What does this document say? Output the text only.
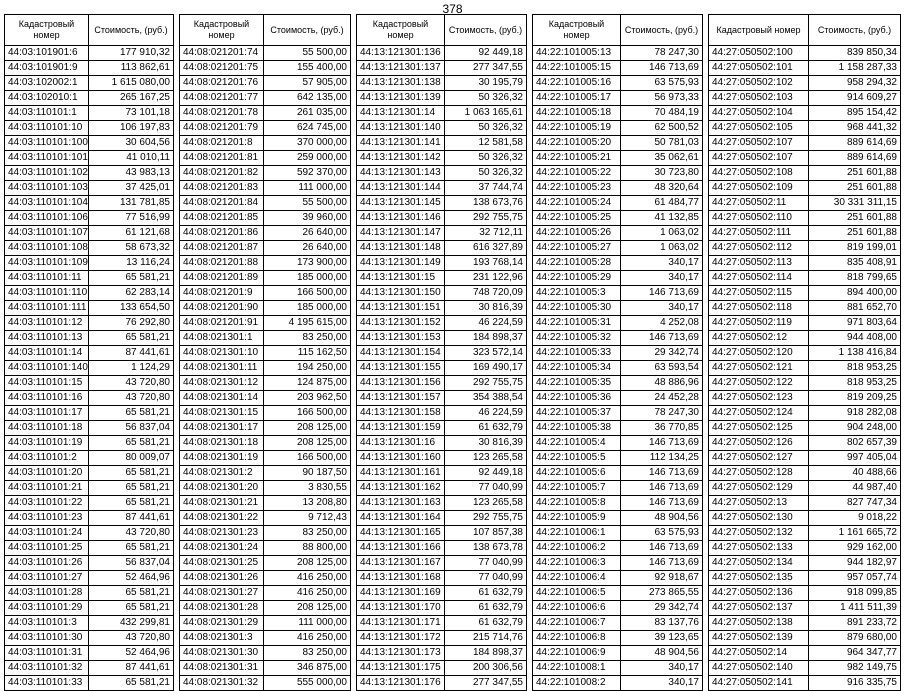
378
Кадастровый номер	Стоимость, (руб.)
44:03:101901:6	177 910,32
44:03:101901:9	113 862,61
44:03:102002:1	1 615 080,00
44:03:102010:1	265 167,25
44:03:110101:1	73 101,18
44:03:110101:10	106 197,83
44:03:110101:100	30 604,56
44:03:110101:101	41 010,11
44:03:110101:102	43 983,13
44:03:110101:103	37 425,01
44:03:110101:104	131 781,85
44:03:110101:106	77 516,99
44:03:110101:107	61 121,68
44:03:110101:108	58 673,32
44:03:110101:109	13 116,24
44:03:110101:11	65 581,21
44:03:110101:110	62 283,14
44:03:110101:111	133 654,50
44:03:110101:12	76 292,80
44:03:110101:13	65 581,21
44:03:110101:14	87 441,61
44:03:110101:140	1 124,29
44:03:110101:15	43 720,80
44:03:110101:16	43 720,80
44:03:110101:17	65 581,21
44:03:110101:18	56 837,04
44:03:110101:19	65 581,21
44:03:110101:2	80 009,07
44:03:110101:20	65 581,21
44:03:110101:21	65 581,21
44:03:110101:22	65 581,21
44:03:110101:23	87 441,61
44:03:110101:24	43 720,80
44:03:110101:25	65 581,21
44:03:110101:26	56 837,04
44:03:110101:27	52 464,96
44:03:110101:28	65 581,21
44:03:110101:29	65 581,21
44:03:110101:3	432 299,81
44:03:110101:30	43 720,80
44:03:110101:31	52 464,96
44:03:110101:32	87 441,61
44:03:110101:33	65 581,21
Кадастровый номер	Стоимость, (руб.)
44:08:021201:74	55 500,00
44:08:021201:75	155 400,00
44:08:021201:76	57 905,00
44:08:021201:77	642 135,00
44:08:021201:78	261 035,00
44:08:021201:79	624 745,00
44:08:021201:8	370 000,00
44:08:021201:81	259 000,00
44:08:021201:82	592 370,00
44:08:021201:83	111 000,00
44:08:021201:84	55 500,00
44:08:021201:85	39 960,00
44:08:021201:86	26 640,00
44:08:021201:87	26 640,00
44:08:021201:88	173 900,00
44:08:021201:89	185 000,00
44:08:021201:9	166 500,00
44:08:021201:90	185 000,00
44:08:021201:91	4 195 615,00
44:08:021301:1	83 250,00
44:08:021301:10	115 162,50
44:08:021301:11	194 250,00
44:08:021301:12	124 875,00
44:08:021301:14	203 962,50
44:08:021301:15	166 500,00
44:08:021301:17	208 125,00
44:08:021301:18	208 125,00
44:08:021301:19	166 500,00
44:08:021301:2	90 187,50
44:08:021301:20	3 830,55
44:08:021301:21	13 208,80
44:08:021301:22	9 712,43
44:08:021301:23	83 250,00
44:08:021301:24	88 800,00
44:08:021301:25	208 125,00
44:08:021301:26	416 250,00
44:08:021301:27	416 250,00
44:08:021301:28	208 125,00
44:08:021301:29	111 000,00
44:08:021301:3	416 250,00
44:08:021301:30	83 250,00
44:08:021301:31	346 875,00
44:08:021301:32	555 000,00
Кадастровый номер	Стоимость, (руб.)
44:13:121301:136	92 449,18
44:13:121301:137	277 347,55
44:13:121301:138	30 195,79
44:13:121301:139	50 326,32
44:13:121301:14	1 063 165,61
44:13:121301:140	50 326,32
44:13:121301:141	12 581,58
44:13:121301:142	50 326,32
44:13:121301:143	50 326,32
44:13:121301:144	37 744,74
44:13:121301:145	138 673,76
44:13:121301:146	292 755,75
44:13:121301:147	32 712,11
44:13:121301:148	616 327,89
44:13:121301:149	193 768,14
44:13:121301:15	231 122,96
44:13:121301:150	748 720,09
44:13:121301:151	30 816,39
44:13:121301:152	46 224,59
44:13:121301:153	184 898,37
44:13:121301:154	323 572,14
44:13:121301:155	169 490,17
44:13:121301:156	292 755,75
44:13:121301:157	354 388,54
44:13:121301:158	46 224,59
44:13:121301:159	61 632,79
44:13:121301:16	30 816,39
44:13:121301:160	123 265,58
44:13:121301:161	92 449,18
44:13:121301:162	77 040,99
44:13:121301:163	123 265,58
44:13:121301:164	292 755,75
44:13:121301:165	107 857,38
44:13:121301:166	138 673,78
44:13:121301:167	77 040,99
44:13:121301:168	77 040,99
44:13:121301:169	61 632,79
44:13:121301:170	61 632,79
44:13:121301:171	61 632,79
44:13:121301:172	215 714,76
44:13:121301:173	184 898,37
44:13:121301:175	200 306,56
44:13:121301:176	277 347,55
Кадастровый номер	Стоимость, (руб.)
44:22:101005:13	78 247,30
44:22:101005:15	146 713,69
44:22:101005:16	63 575,93
44:22:101005:17	56 973,33
44:22:101005:18	70 484,19
44:22:101005:19	62 500,52
44:22:101005:20	50 781,03
44:22:101005:21	35 062,61
44:22:101005:22	30 723,80
44:22:101005:23	48 320,64
44:22:101005:24	61 484,77
44:22:101005:25	41 132,85
44:22:101005:26	1 063,02
44:22:101005:27	1 063,02
44:22:101005:28	340,17
44:22:101005:29	340,17
44:22:101005:3	146 713,69
44:22:101005:30	340,17
44:22:101005:31	4 252,08
44:22:101005:32	146 713,69
44:22:101005:33	29 342,74
44:22:101005:34	63 593,54
44:22:101005:35	48 886,96
44:22:101005:36	24 452,28
44:22:101005:37	78 247,30
44:22:101005:38	36 770,85
44:22:101005:4	146 713,69
44:22:101005:5	112 134,25
44:22:101005:6	146 713,69
44:22:101005:7	146 713,69
44:22:101005:8	146 713,69
44:22:101005:9	48 904,56
44:22:101006:1	63 575,93
44:22:101006:2	146 713,69
44:22:101006:3	146 713,69
44:22:101006:4	92 918,67
44:22:101006:5	273 865,55
44:22:101006:6	29 342,74
44:22:101006:7	83 137,76
44:22:101006:8	39 123,65
44:22:101006:9	48 904,56
44:22:101008:1	340,17
44:22:101008:2	340,17
Кадастровый номер	Стоимость, (руб.)
44:27:050502:100	839 850,34
44:27:050502:101	1 158 287,33
44:27:050502:102	958 294,32
44:27:050502:103	914 609,27
44:27:050502:104	895 154,42
44:27:050502:105	968 441,32
44:27:050502:107	889 614,69
44:27:050502:107	889 614,69
44:27:050502:108	251 601,88
44:27:050502:109	251 601,88
44:27:050502:11	30 331 311,15
44:27:050502:110	251 601,88
44:27:050502:111	251 601,88
44:27:050502:112	819 199,01
44:27:050502:113	835 408,91
44:27:050502:114	818 799,65
44:27:050502:115	894 400,00
44:27:050502:118	881 652,70
44:27:050502:119	971 803,64
44:27:050502:12	944 408,00
44:27:050502:120	1 138 416,84
44:27:050502:121	818 953,25
44:27:050502:122	818 953,25
44:27:050502:123	819 209,25
44:27:050502:124	918 282,08
44:27:050502:125	904 248,00
44:27:050502:126	802 657,39
44:27:050502:127	997 405,04
44:27:050502:128	40 488,66
44:27:050502:129	44 987,40
44:27:050502:13	827 747,34
44:27:050502:130	9 018,22
44:27:050502:132	1 161 665,72
44:27:050502:133	929 162,00
44:27:050502:134	944 182,97
44:27:050502:135	957 057,74
44:27:050502:136	918 099,85
44:27:050502:137	1 411 511,39
44:27:050502:138	891 233,72
44:27:050502:139	879 680,00
44:27:050502:14	964 347,77
44:27:050502:140	982 149,75
44:27:050502:141	916 335,75
